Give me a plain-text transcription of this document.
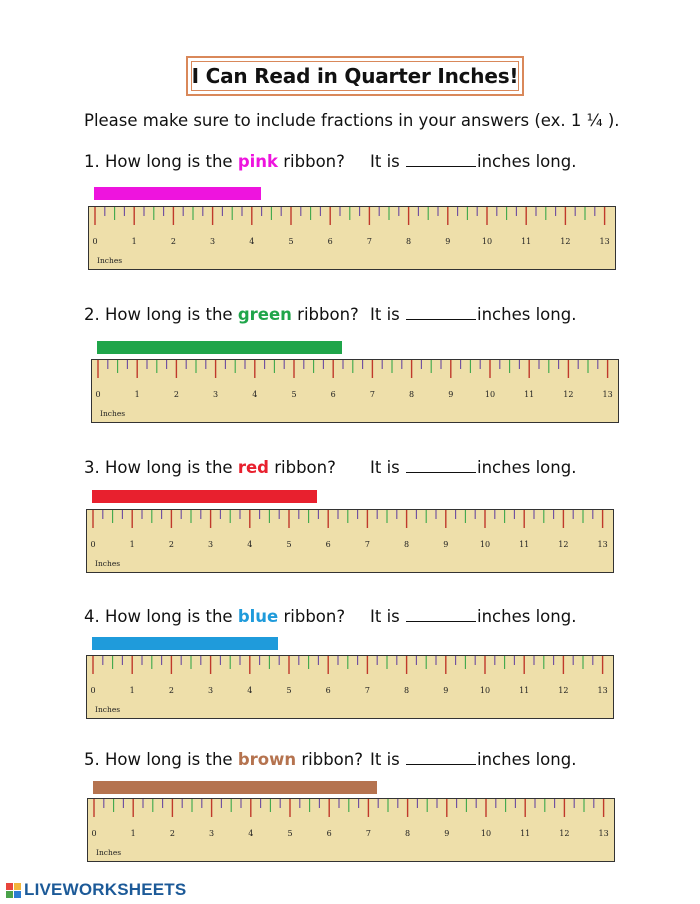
I Can Read in Quarter Inches!
Please make sure to include fractions in your answers (ex. 1 ¼ ).
1. How long is the pink ribbon? It is	inches long.
0	1	2	3	4	5	6	7	8	9	10	11	12	13
Inches
2. How long is the green ribbon? It is	inches long.
0	1	2	3	4	5	6	7	8	9	10	11	12	13
Inches
3. How long is the red ribbon? It is	inches long.
0	1	2	3	4	5	6	7	8	9	10	11	12	13
Inches
4. How long is the blue ribbon? It is	inches long.
0	1	2	3	4	5	6	7	8	9	10	11	12	13
Inches
5. How long is the brown ribbon? It is	inches long.
0	1	2	3	4	5	6	7	8	9	10	11	12	13
Inches
LIVEWORKSHEETS
